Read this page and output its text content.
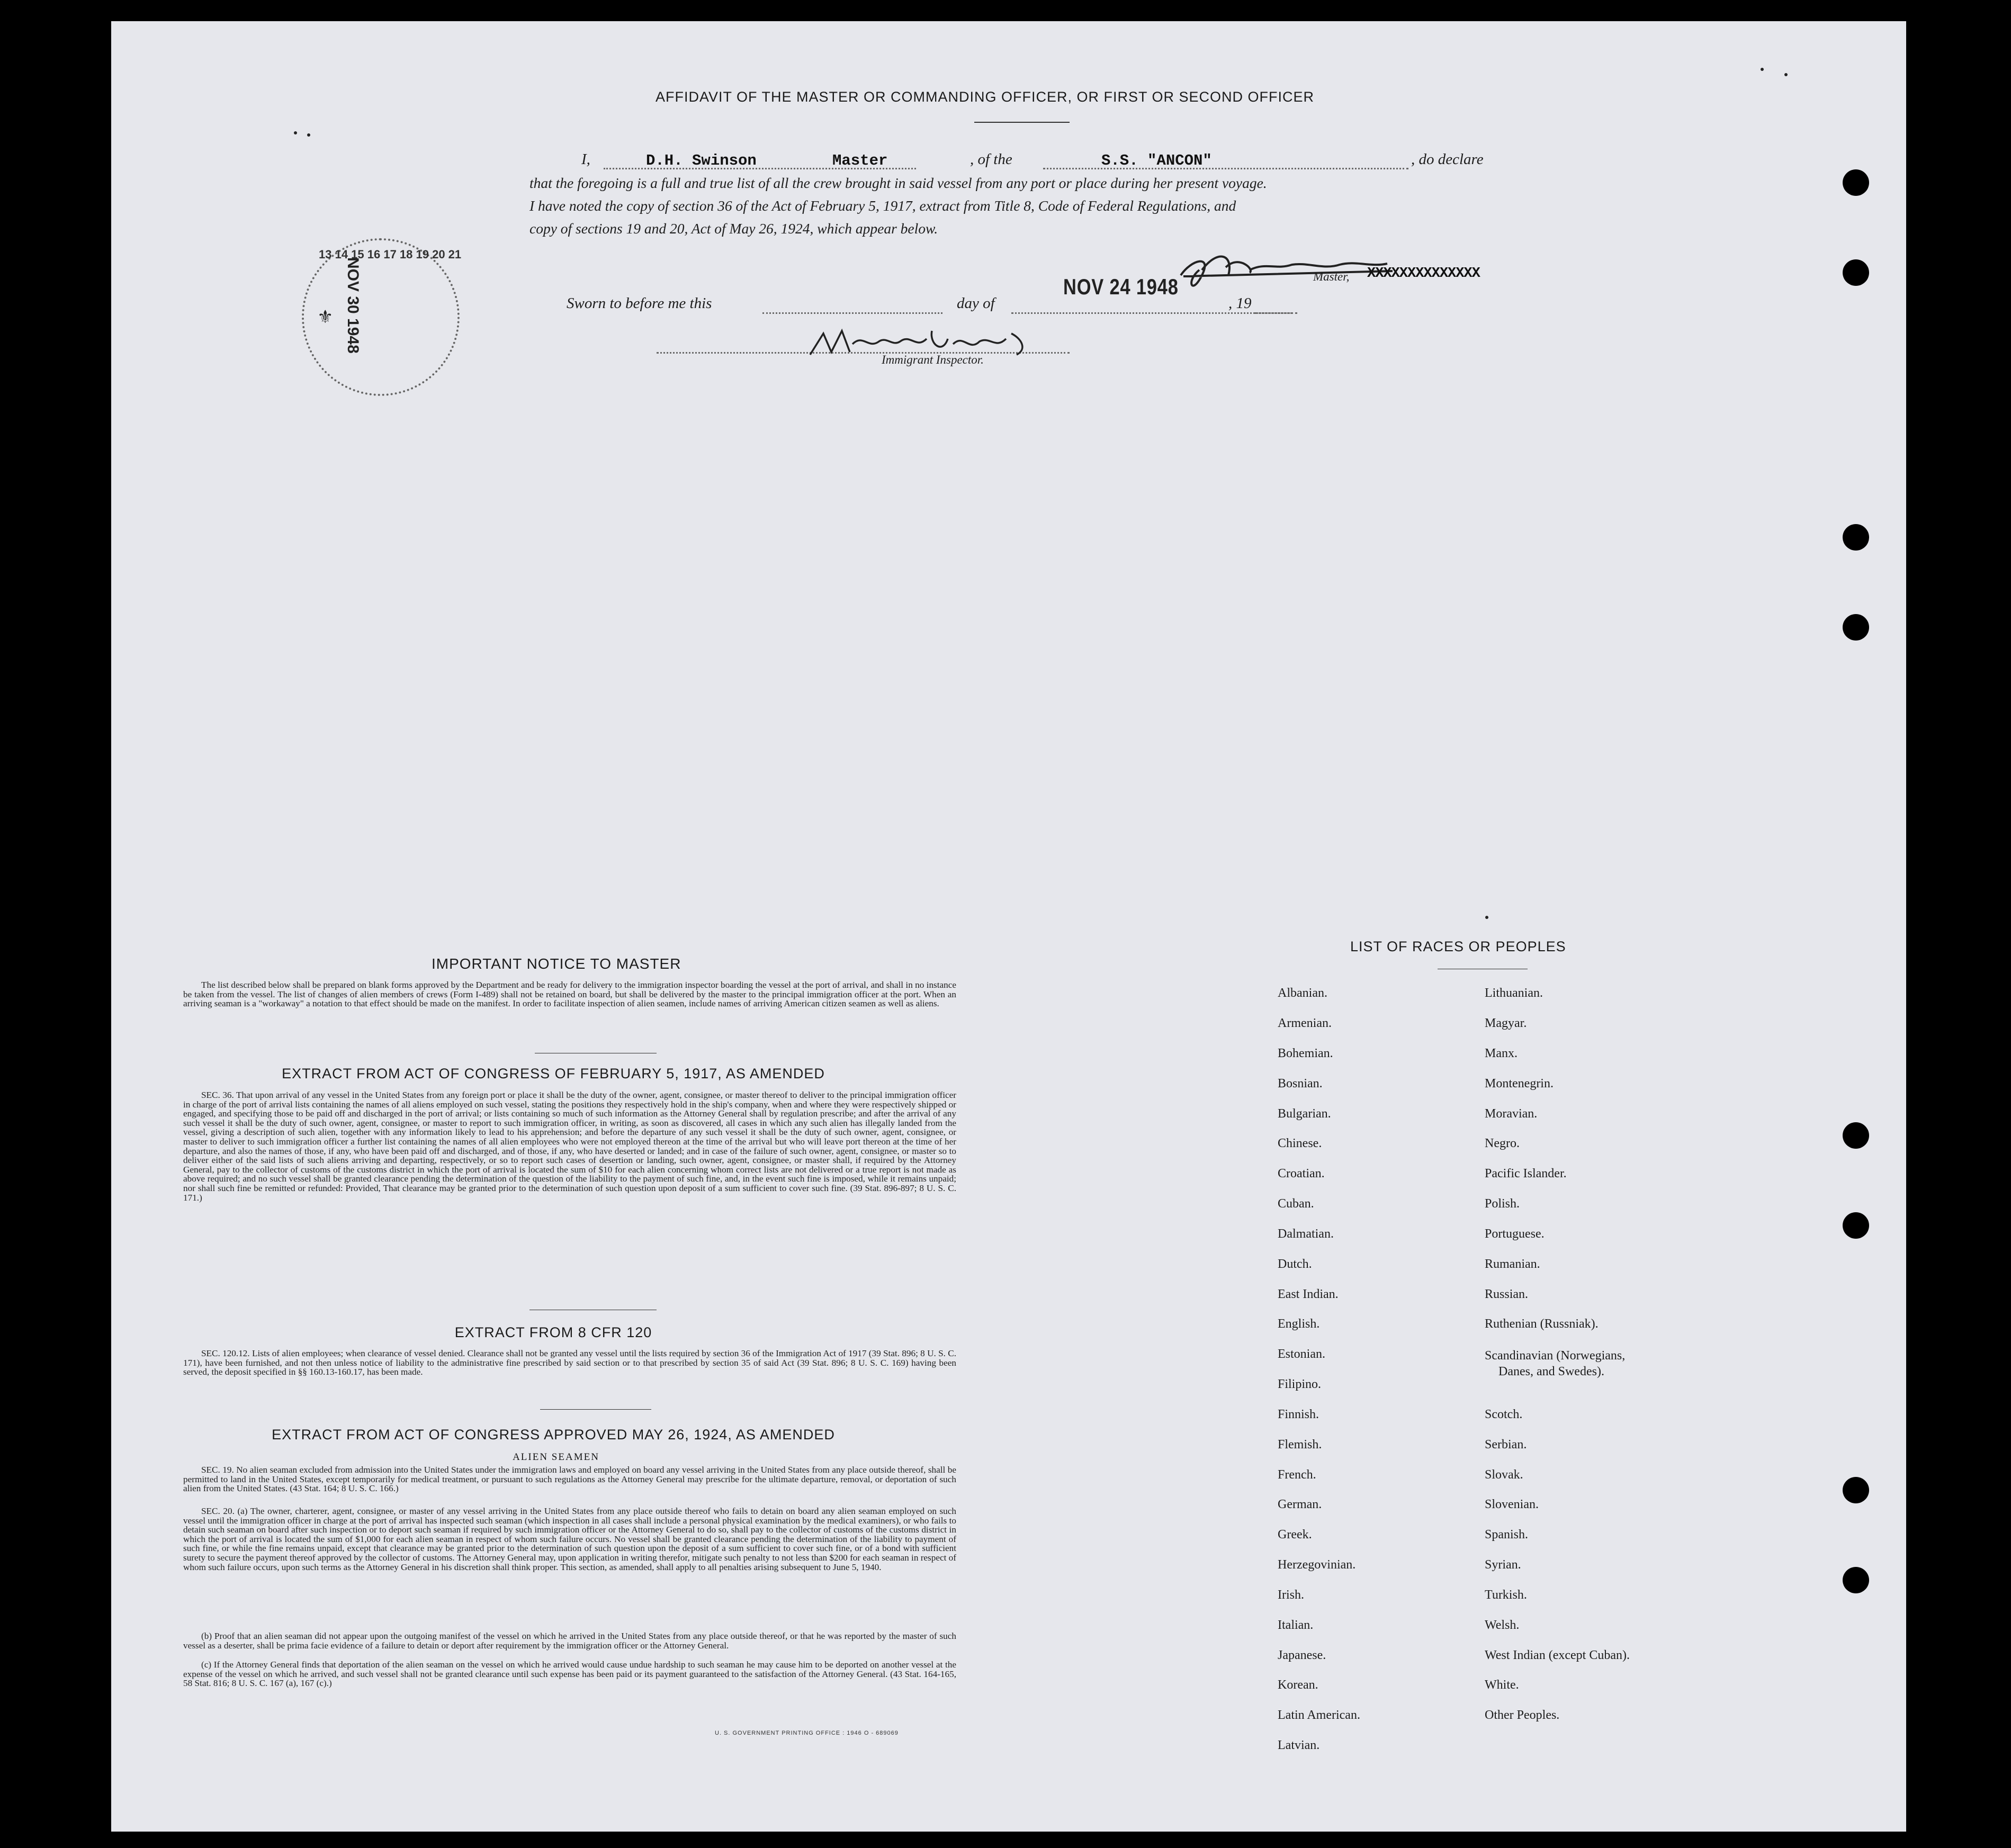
AFFIDAVIT OF THE MASTER OR COMMANDING OFFICER, OR FIRST OR SECOND OFFICER
I,	D.H. Swinson	Master	, of the	S.S. "ANCON"	, do declare
that the foregoing is a full and true list of all the crew brought in said vessel from any port or place during her present voyage.
I have noted the copy of section 36 of the Act of February 5, 1917, extract from Title 8, Code of Federal Regulations, and
copy of sections 19 and 20, Act of May 26, 1924, which appear below.
Master, XXXXXXXXXXXXXX
Sworn to before me this	day of
NOV 24 1948
, 19
Immigrant Inspector.
13 14 15 16 17 18 19 20 21
NOV 30 1948
⚜
IMPORTANT NOTICE TO MASTER
The list described below shall be prepared on blank forms approved by the Department and be ready for delivery to the immigration inspector boarding the vessel at the port of arrival, and shall in no instance be taken from the vessel. The list of changes of alien members of crews (Form I-489) shall not be retained on board, but shall be delivered by the master to the principal immigration officer at the port. When an arriving seaman is a "workaway" a notation to that effect should be made on the manifest. In order to facilitate inspection of alien seamen, include names of arriving American citizen seamen as well as aliens.
EXTRACT FROM ACT OF CONGRESS OF FEBRUARY 5, 1917, AS AMENDED
SEC. 36. That upon arrival of any vessel in the United States from any foreign port or place it shall be the duty of the owner, agent, consignee, or master thereof to deliver to the principal immigration officer in charge of the port of arrival lists containing the names of all aliens employed on such vessel, stating the positions they respectively hold in the ship's company, when and where they were respectively shipped or engaged, and specifying those to be paid off and discharged in the port of arrival; or lists containing so much of such information as the Attorney General shall by regulation prescribe; and after the arrival of any such vessel it shall be the duty of such owner, agent, consignee, or master to report to such immigration officer, in writing, as soon as discovered, all cases in which any such alien has illegally landed from the vessel, giving a description of such alien, together with any information likely to lead to his apprehension; and before the departure of any such vessel it shall be the duty of such owner, agent, consignee, or master to deliver to such immigration officer a further list containing the names of all alien employees who were not employed thereon at the time of the arrival but who will leave port thereon at the time of her departure, and also the names of those, if any, who have been paid off and discharged, and of those, if any, who have deserted or landed; and in case of the failure of such owner, agent, consignee, or master so to deliver either of the said lists of such aliens arriving and departing, respectively, or so to report such cases of desertion or landing, such owner, agent, consignee, or master shall, if required by the Attorney General, pay to the collector of customs of the customs district in which the port of arrival is located the sum of $10 for each alien concerning whom correct lists are not delivered or a true report is not made as above required; and no such vessel shall be granted clearance pending the determination of the question of the liability to the payment of such fine, and, in the event such fine is imposed, while it remains unpaid; nor shall such fine be remitted or refunded: Provided, That clearance may be granted prior to the determination of such question upon deposit of a sum sufficient to cover such fine. (39 Stat. 896-897; 8 U. S. C. 171.)
EXTRACT FROM 8 CFR 120
SEC. 120.12. Lists of alien employees; when clearance of vessel denied. Clearance shall not be granted any vessel until the lists required by section 36 of the Immigration Act of 1917 (39 Stat. 896; 8 U. S. C. 171), have been furnished, and not then unless notice of liability to the administrative fine prescribed by said section or to that prescribed by section 35 of said Act (39 Stat. 896; 8 U. S. C. 169) having been served, the deposit specified in §§ 160.13-160.17, has been made.
EXTRACT FROM ACT OF CONGRESS APPROVED MAY 26, 1924, AS AMENDED
ALIEN SEAMEN
SEC. 19. No alien seaman excluded from admission into the United States under the immigration laws and employed on board any vessel arriving in the United States from any place outside thereof, shall be permitted to land in the United States, except temporarily for medical treatment, or pursuant to such regulations as the Attorney General may prescribe for the ultimate departure, removal, or deportation of such alien from the United States. (43 Stat. 164; 8 U. S. C. 166.)
SEC. 20. (a) The owner, charterer, agent, consignee, or master of any vessel arriving in the United States from any place outside thereof who fails to detain on board any alien seaman employed on such vessel until the immigration officer in charge at the port of arrival has inspected such seaman (which inspection in all cases shall include a personal physical examination by the medical examiners), or who fails to detain such seaman on board after such inspection or to deport such seaman if required by such immigration officer or the Attorney General to do so, shall pay to the collector of customs of the customs district in which the port of arrival is located the sum of $1,000 for each alien seaman in respect of whom such failure occurs. No vessel shall be granted clearance pending the determination of the liability to payment of such fine, or while the fine remains unpaid, except that clearance may be granted prior to the determination of such question upon the deposit of a sum sufficient to cover such fine, or of a bond with sufficient surety to secure the payment thereof approved by the collector of customs. The Attorney General may, upon application in writing therefor, mitigate such penalty to not less than $200 for each seaman in respect of whom such failure occurs, upon such terms as the Attorney General in his discretion shall think proper. This section, as amended, shall apply to all penalties arising subsequent to June 5, 1940.
(b) Proof that an alien seaman did not appear upon the outgoing manifest of the vessel on which he arrived in the United States from any place outside thereof, or that he was reported by the master of such vessel as a deserter, shall be prima facie evidence of a failure to detain or deport after requirement by the immigration officer or the Attorney General.
(c) If the Attorney General finds that deportation of the alien seaman on the vessel on which he arrived would cause undue hardship to such seaman he may cause him to be deported on another vessel at the expense of the vessel on which he arrived, and such vessel shall not be granted clearance until such expense has been paid or its payment guaranteed to the satisfaction of the Attorney General. (43 Stat. 164-165, 58 Stat. 816; 8 U. S. C. 167 (a), 167 (c).)
U. S. GOVERNMENT PRINTING OFFICE : 1946 O - 689069
LIST OF RACES OR PEOPLES
Albanian.
Armenian.
Bohemian.
Bosnian.
Bulgarian.
Chinese.
Croatian.
Cuban.
Dalmatian.
Dutch.
East Indian.
English.
Estonian.
Filipino.
Finnish.
Flemish.
French.
German.
Greek.
Herzegovinian.
Irish.
Italian.
Japanese.
Korean.
Latin American.
Latvian.
Lithuanian.
Magyar.
Manx.
Montenegrin.
Moravian.
Negro.
Pacific Islander.
Polish.
Portuguese.
Rumanian.
Russian.
Ruthenian (Russniak).
Scandinavian (Norwegians,
Danes, and Swedes).
Scotch.
Serbian.
Slovak.
Slovenian.
Spanish.
Syrian.
Turkish.
Welsh.
West Indian (except Cuban).
White.
Other Peoples.
